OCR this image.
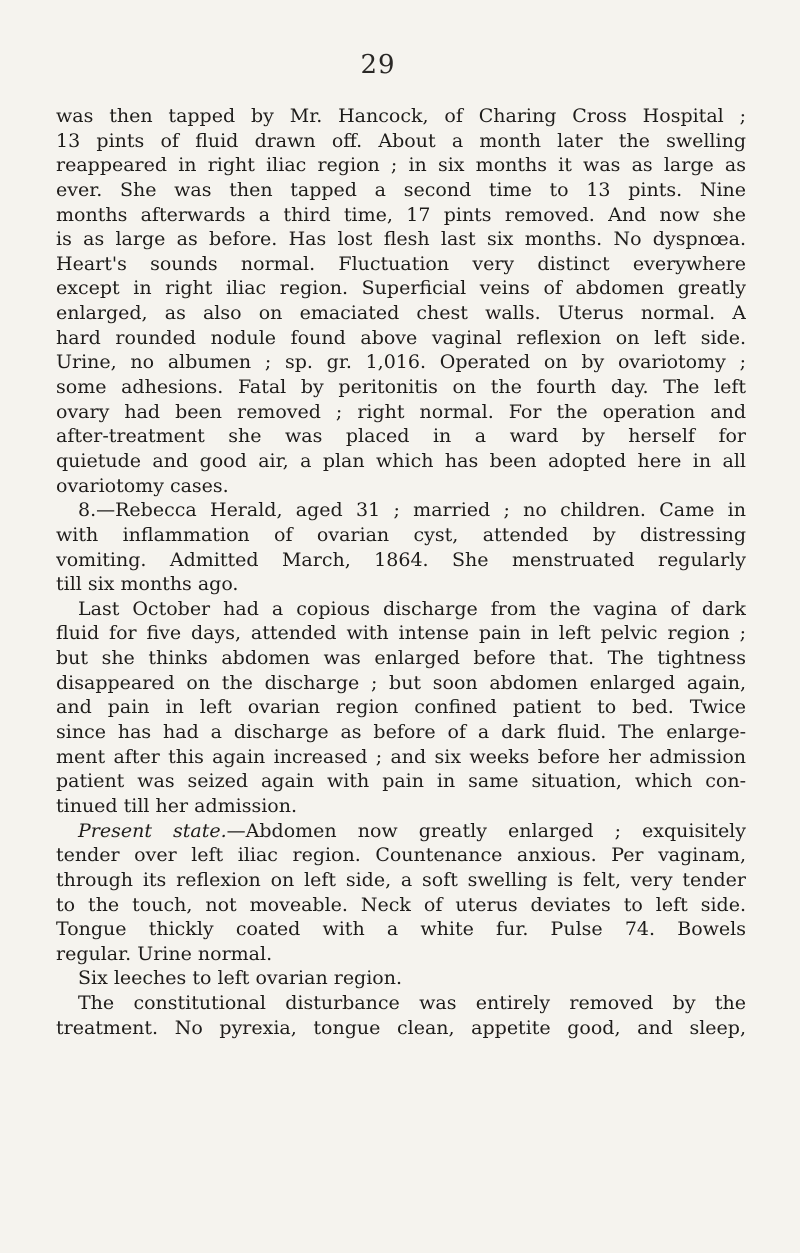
29
was then tapped by Mr. Hancock, of Charing Cross Hospital ;
13 pints of fluid drawn off. About a month later the swelling
reappeared in right iliac region ; in six months it was as large as
ever. She was then tapped a second time to 13 pints. Nine
months afterwards a third time, 17 pints removed. And now she
is as large as before. Has lost flesh last six months. No dyspnœa.
Heart's sounds normal. Fluctuation very distinct everywhere
except in right iliac region. Superficial veins of abdomen greatly
enlarged, as also on emaciated chest walls. Uterus normal. A
hard rounded nodule found above vaginal reflexion on left side.
Urine, no albumen ; sp. gr. 1,016. Operated on by ovariotomy ;
some adhesions. Fatal by peritonitis on the fourth day. The left
ovary had been removed ; right normal. For the operation and
after-treatment she was placed in a ward by herself for
quietude and good air, a plan which has been adopted here in all
ovariotomy cases.
8.—Rebecca Herald, aged 31 ; married ; no children. Came in
with inflammation of ovarian cyst, attended by distressing
vomiting. Admitted March, 1864. She menstruated regularly
till six months ago.
Last October had a copious discharge from the vagina of dark
fluid for five days, attended with intense pain in left pelvic region ;
but she thinks abdomen was enlarged before that. The tightness
disappeared on the discharge ; but soon abdomen enlarged again,
and pain in left ovarian region confined patient to bed. Twice
since has had a discharge as before of a dark fluid. The enlarge-
ment after this again increased ; and six weeks before her admission
patient was seized again with pain in same situation, which con-
tinued till her admission.
Present state.—Abdomen now greatly enlarged ; exquisitely
tender over left iliac region. Countenance anxious. Per vaginam,
through its reflexion on left side, a soft swelling is felt, very tender
to the touch, not moveable. Neck of uterus deviates to left side.
Tongue thickly coated with a white fur. Pulse 74. Bowels
regular. Urine normal.
Six leeches to left ovarian region.
The constitutional disturbance was entirely removed by the
treatment. No pyrexia, tongue clean, appetite good, and sleep,
